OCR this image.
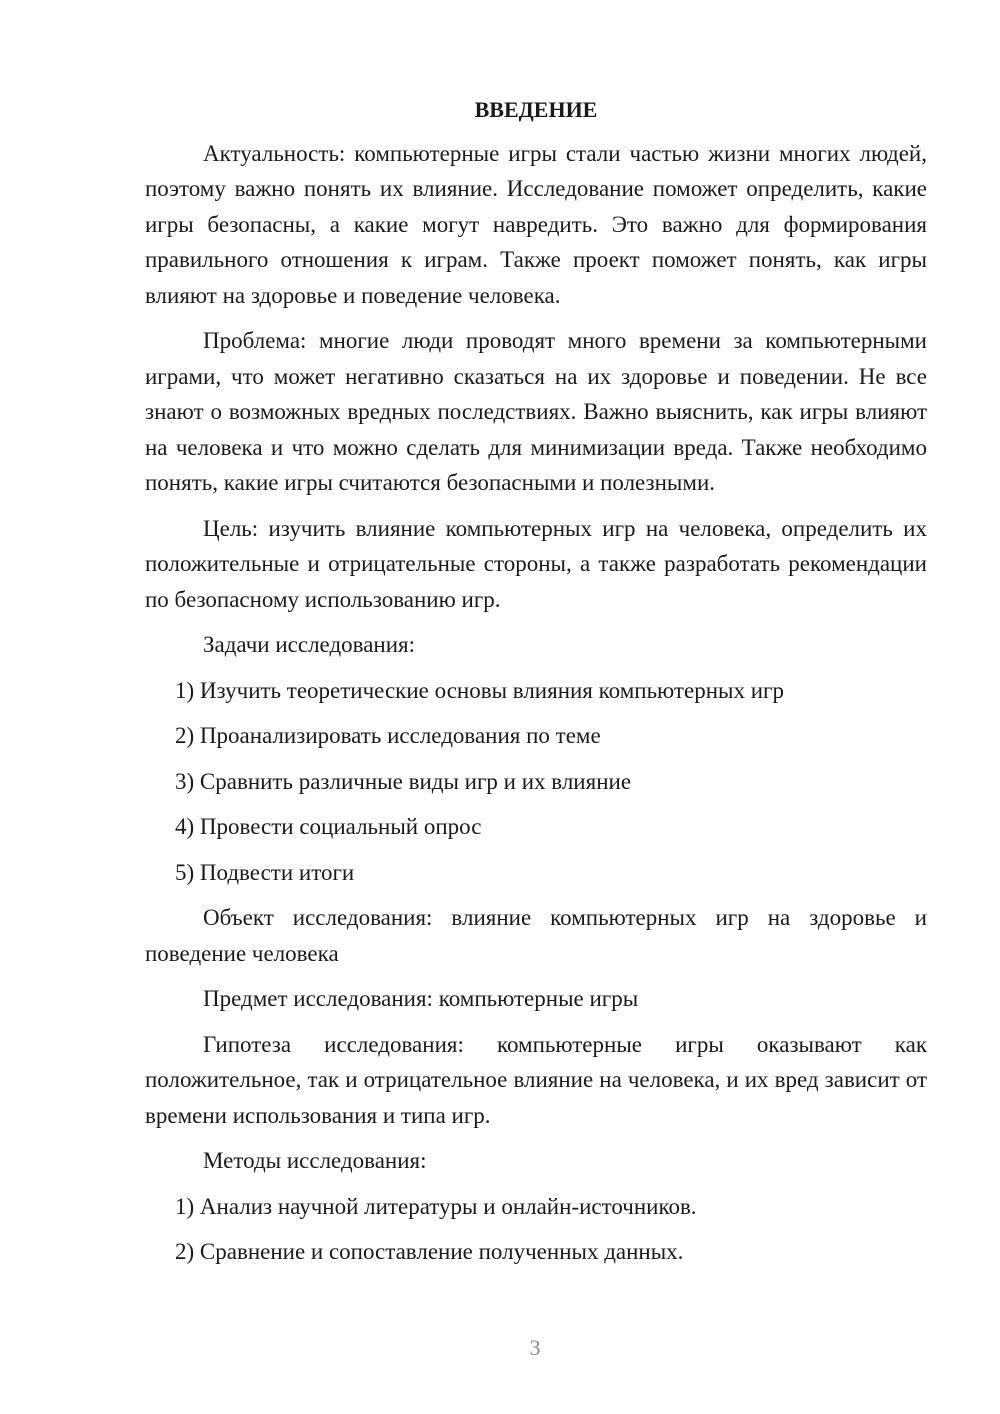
ВВЕДЕНИЕ

Актуальность: компьютерные игры стали частью жизни многих людей, поэтому важно понять их влияние. Исследование поможет определить, какие игры безопасны, а какие могут навредить. Это важно для формирования правильного отношения к играм. Также проект поможет понять, как игры влияют на здоровье и поведение человека.

Проблема: многие люди проводят много времени за компьютерными играми, что может негативно сказаться на их здоровье и поведении. Не все знают о возможных вредных последствиях. Важно выяснить, как игры влияют на человека и что можно сделать для минимизации вреда. Также необходимо понять, какие игры считаются безопасными и полезными.

Цель: изучить влияние компьютерных игр на человека, определить их положительные и отрицательные стороны, а также разработать рекомендации по безопасному использованию игр.

Задачи исследования:

1) Изучить теоретические основы влияния компьютерных игр
2) Проанализировать исследования по теме
3) Сравнить различные виды игр и их влияние
4) Провести социальный опрос
5) Подвести итоги

Объект исследования: влияние компьютерных игр на здоровье и поведение человека

Предмет исследования: компьютерные игры

Гипотеза исследования: компьютерные игры оказывают как положительное, так и отрицательное влияние на человека, и их вред зависит от времени использования и типа игр.

Методы исследования:

1) Анализ научной литературы и онлайн-источников.
2) Сравнение и сопоставление полученных данных.
3
